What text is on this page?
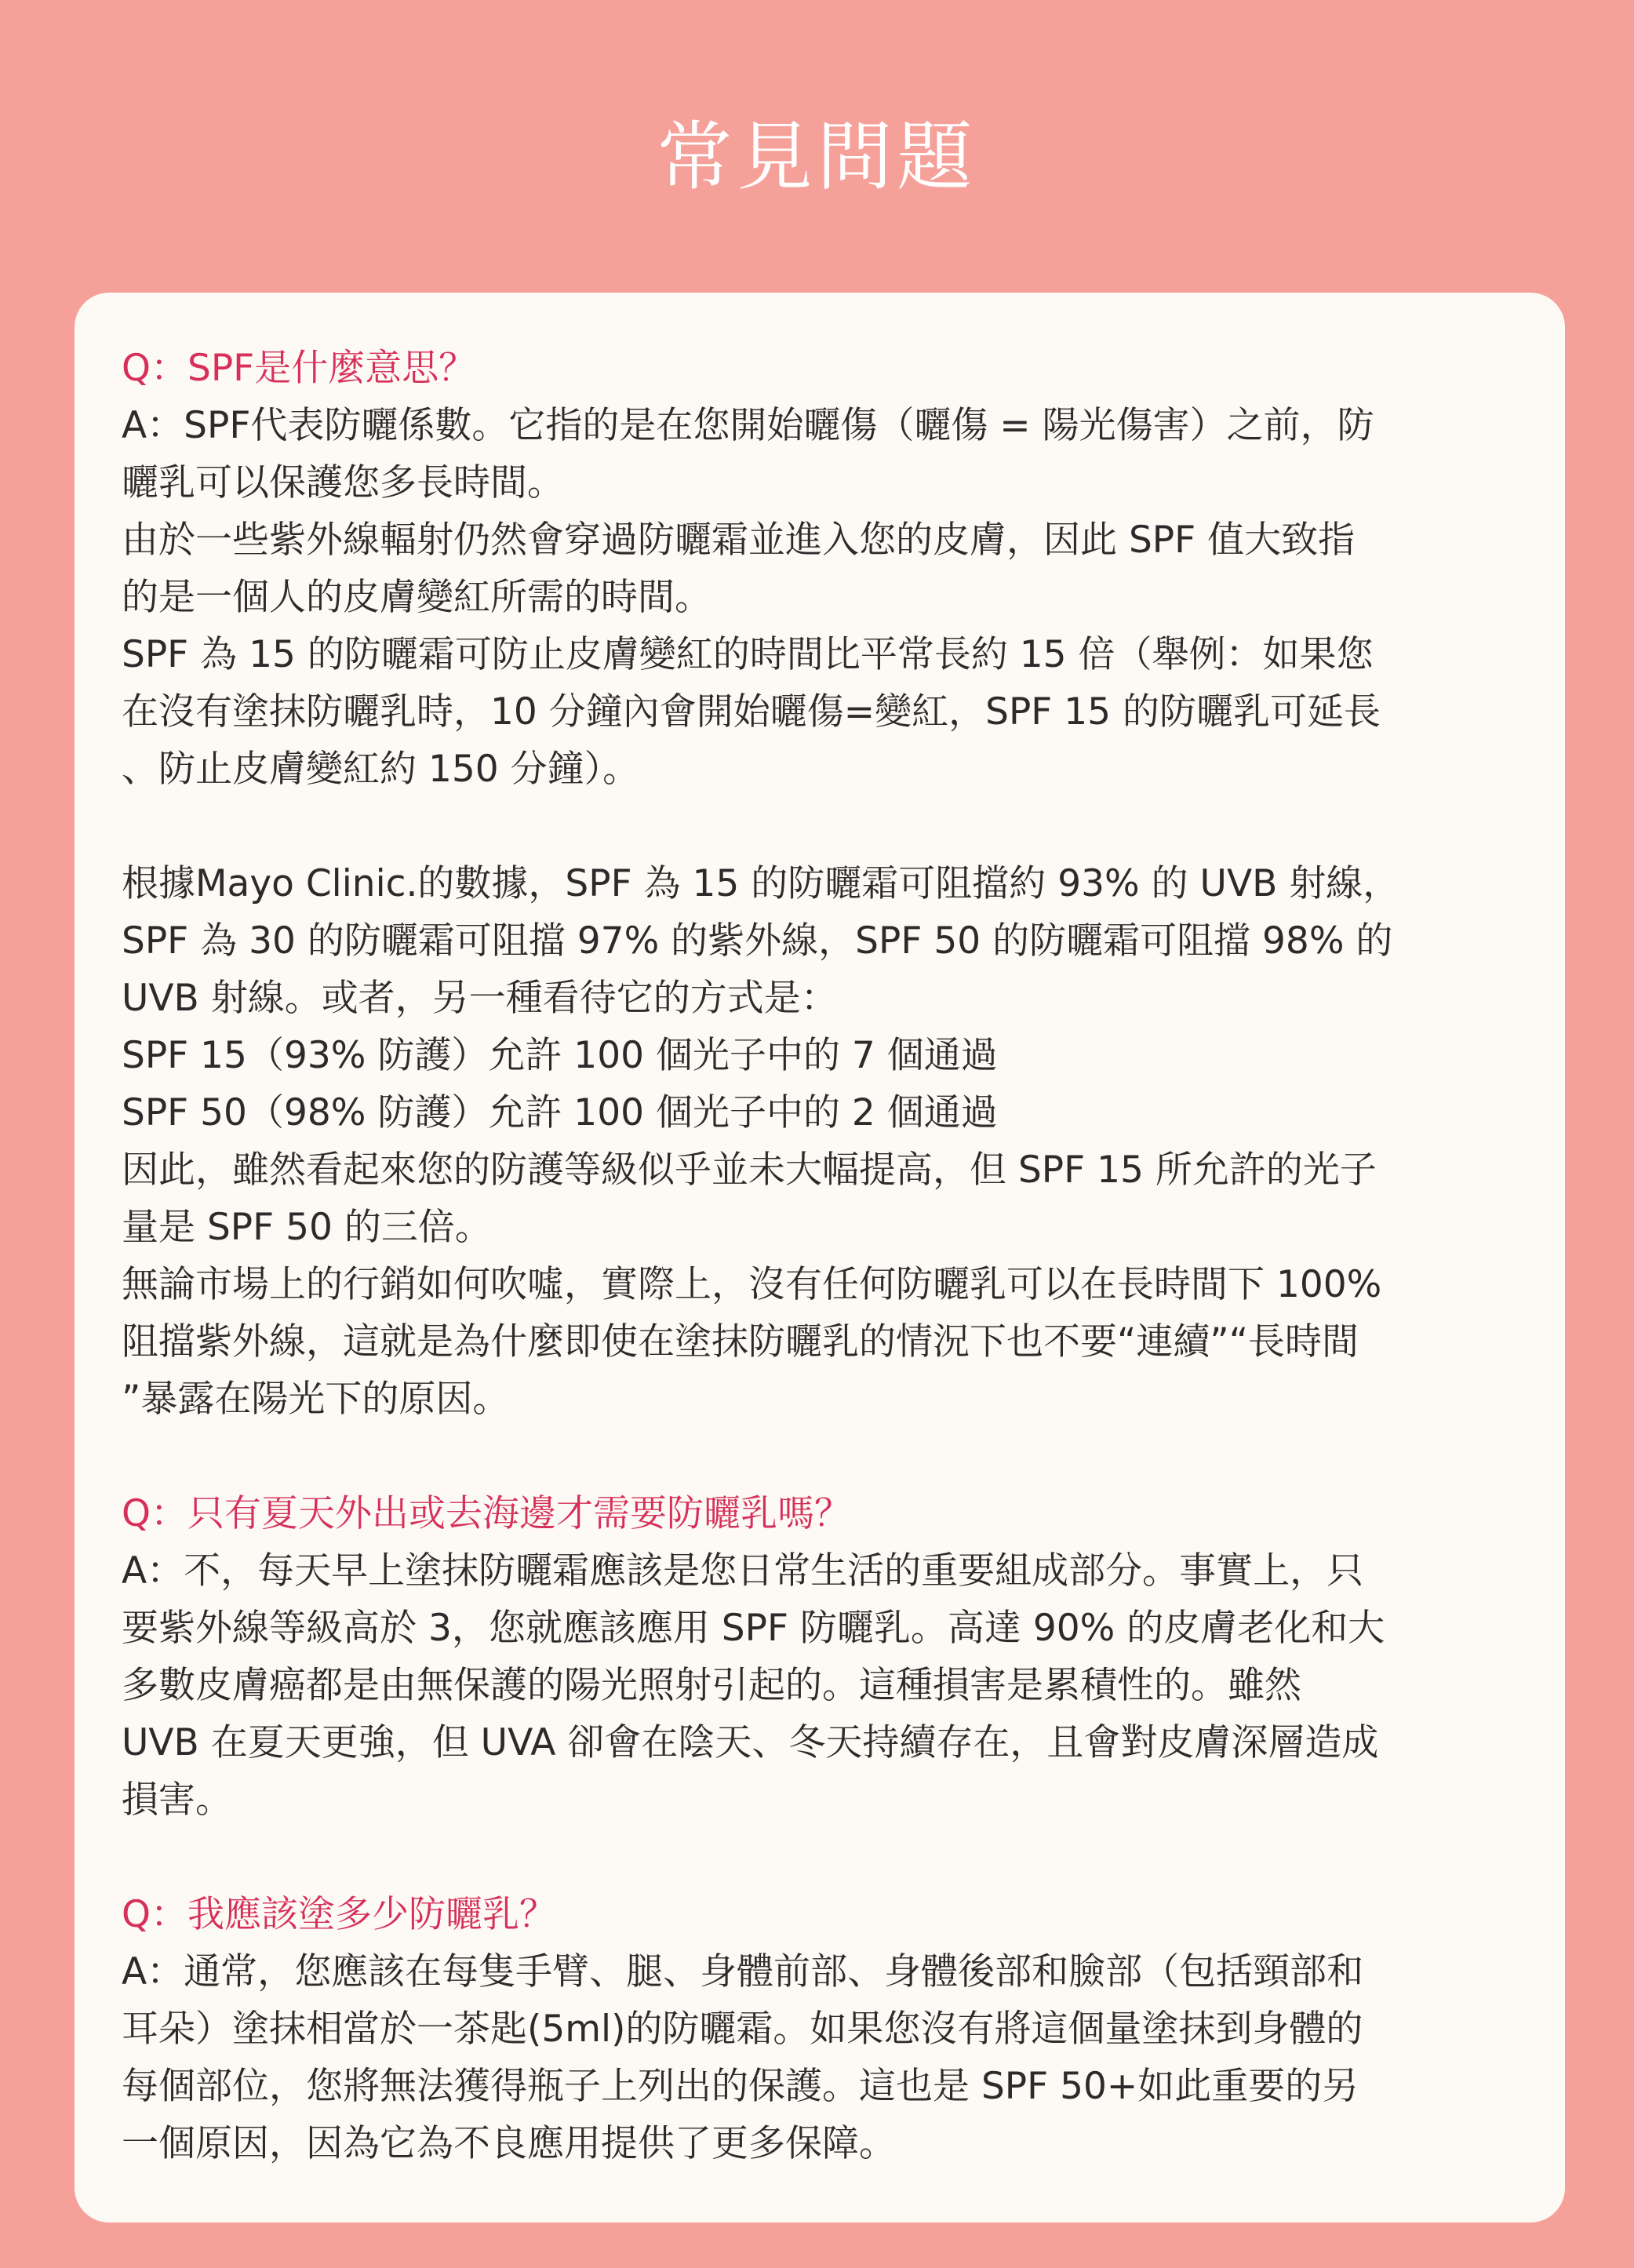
常見問題
Q：SPF是什麼意思？
A：SPF代表防曬係數。它指的是在您開始曬傷（曬傷 = 陽光傷害）之前，防
曬乳可以保護您多長時間。
由於一些紫外線輻射仍然會穿過防曬霜並進入您的皮膚，因此 SPF 值大致指
的是一個人的皮膚變紅所需的時間。
SPF 為 15 的防曬霜可防止皮膚變紅的時間比平常長約 15 倍（舉例：如果您
在沒有塗抹防曬乳時，10 分鐘內會開始曬傷=變紅，SPF 15 的防曬乳可延長
、防止皮膚變紅約 150 分鐘）。
根據Mayo Clinic.的數據，SPF 為 15 的防曬霜可阻擋約 93% 的 UVB 射線，
SPF 為 30 的防曬霜可阻擋 97% 的紫外線，SPF 50 的防曬霜可阻擋 98% 的
UVB 射線。或者，另一種看待它的方式是：
SPF 15（93% 防護）允許 100 個光子中的 7 個通過
SPF 50（98% 防護）允許 100 個光子中的 2 個通過
因此，雖然看起來您的防護等級似乎並未大幅提高，但 SPF 15 所允許的光子
量是 SPF 50 的三倍。
無論市場上的行銷如何吹噓，實際上，沒有任何防曬乳可以在長時間下 100%
阻擋紫外線，這就是為什麼即使在塗抹防曬乳的情況下也不要“連續”“長時間
”暴露在陽光下的原因。
Q：只有夏天外出或去海邊才需要防曬乳嗎？
A：不，每天早上塗抹防曬霜應該是您日常生活的重要組成部分。事實上，只
要紫外線等級高於 3，您就應該應用 SPF 防曬乳。高達 90% 的皮膚老化和大
多數皮膚癌都是由無保護的陽光照射引起的。這種損害是累積性的。雖然
UVB 在夏天更強，但 UVA 卻會在陰天、冬天持續存在，且會對皮膚深層造成
損害。
Q：我應該塗多少防曬乳？
A：通常，您應該在每隻手臂、腿、身體前部、身體後部和臉部（包括頸部和
耳朵）塗抹相當於一茶匙(5ml)的防曬霜。如果您沒有將這個量塗抹到身體的
每個部位，您將無法獲得瓶子上列出的保護。這也是 SPF 50+如此重要的另
一個原因，因為它為不良應用提供了更多保障。
